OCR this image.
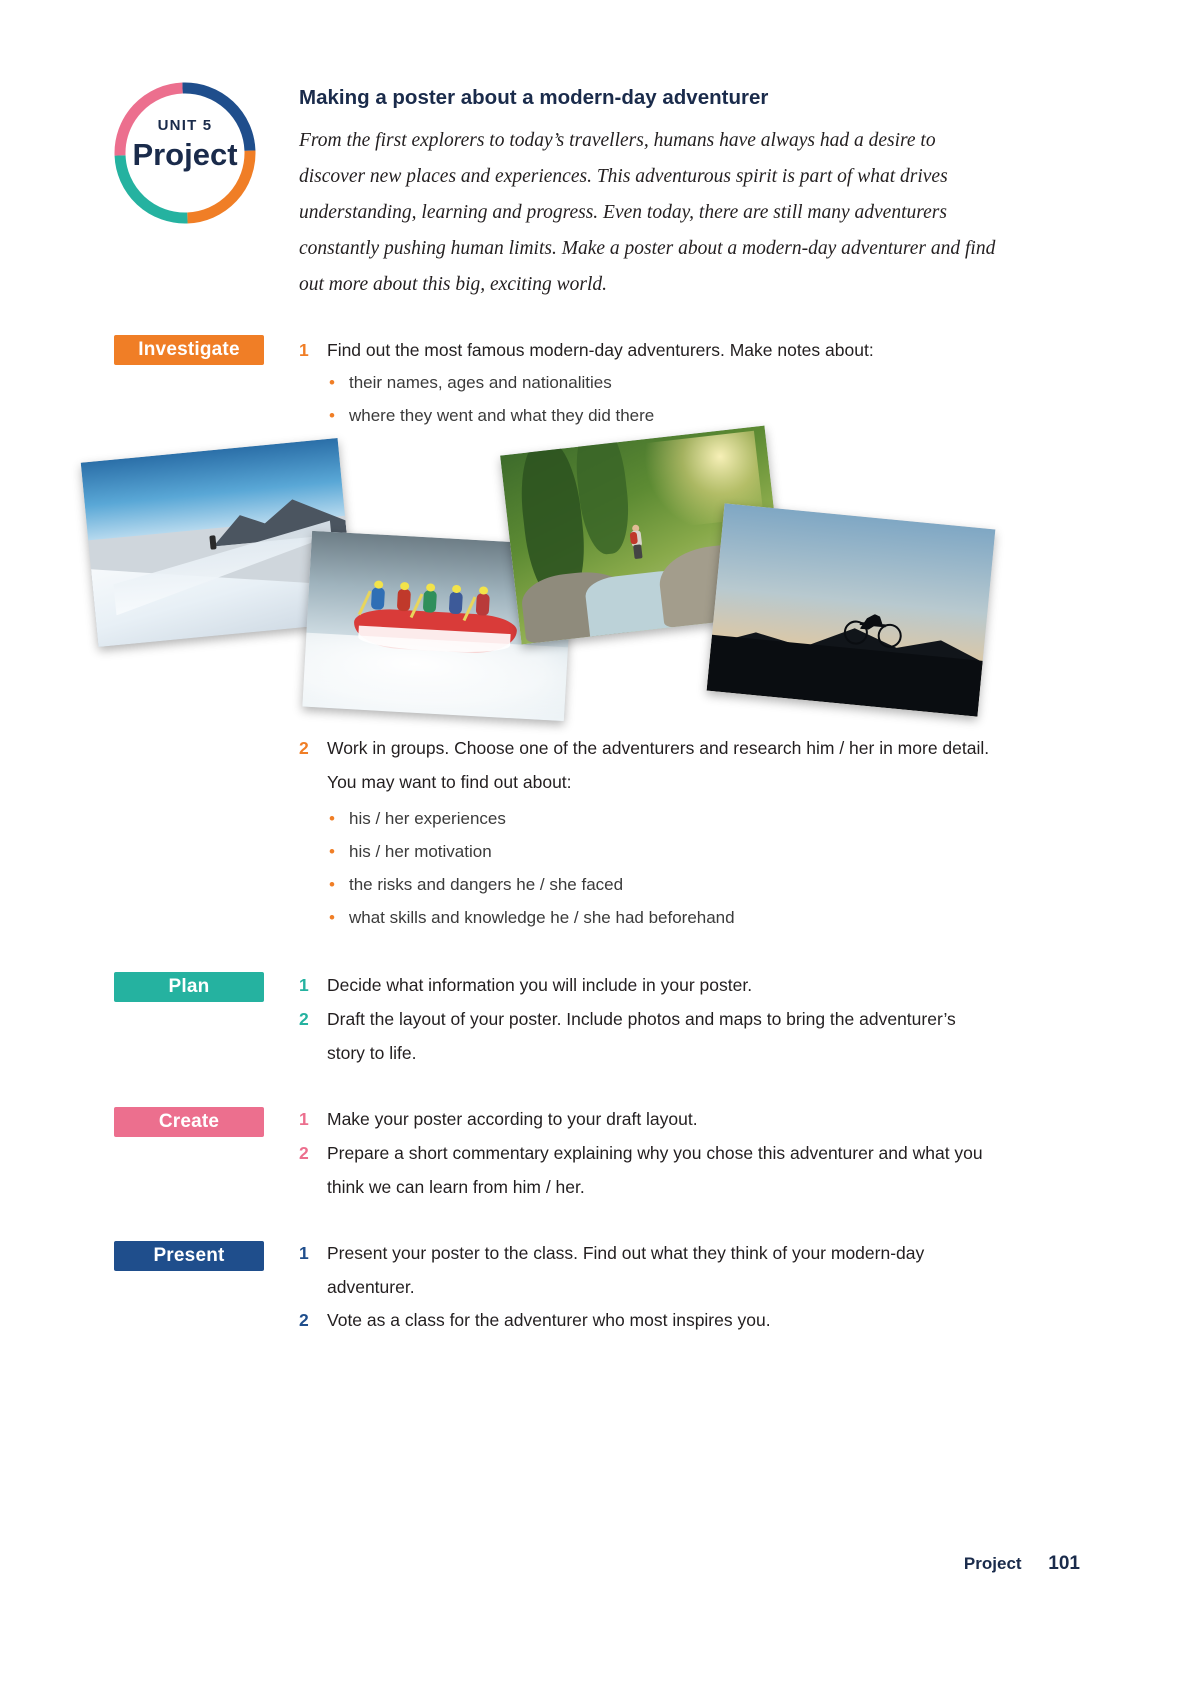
UNIT 5
Project
Making a poster about a modern-day adventurer
From the first explorers to today’s travellers, humans have always had a desire to discover new places and experiences. This adventurous spirit is part of what drives understanding, learning and progress. Even today, there are still many adventurers constantly pushing human limits. Make a poster about a modern-day adventurer and find out more about this big, exciting world.
Investigate	1	Find out the most famous modern-day adventurers. Make notes about:
• their names, ages and nationalities
• where they went and what they did there
2	Work in groups. Choose one of the adventurers and research him / her in more detail. You may want to find out about:
• his / her experiences
• his / her motivation
• the risks and dangers he / she faced
• what skills and knowledge he / she had beforehand
Plan	1	Decide what information you will include in your poster.
2	Draft the layout of your poster. Include photos and maps to bring the adventurer’s story to life.
Create	1	Make your poster according to your draft layout.
2	Prepare a short commentary explaining why you chose this adventurer and what you think we can learn from him / her.
Present	1	Present your poster to the class. Find out what they think of your modern-day adventurer.
2	Vote as a class for the adventurer who most inspires you.
Project 101
